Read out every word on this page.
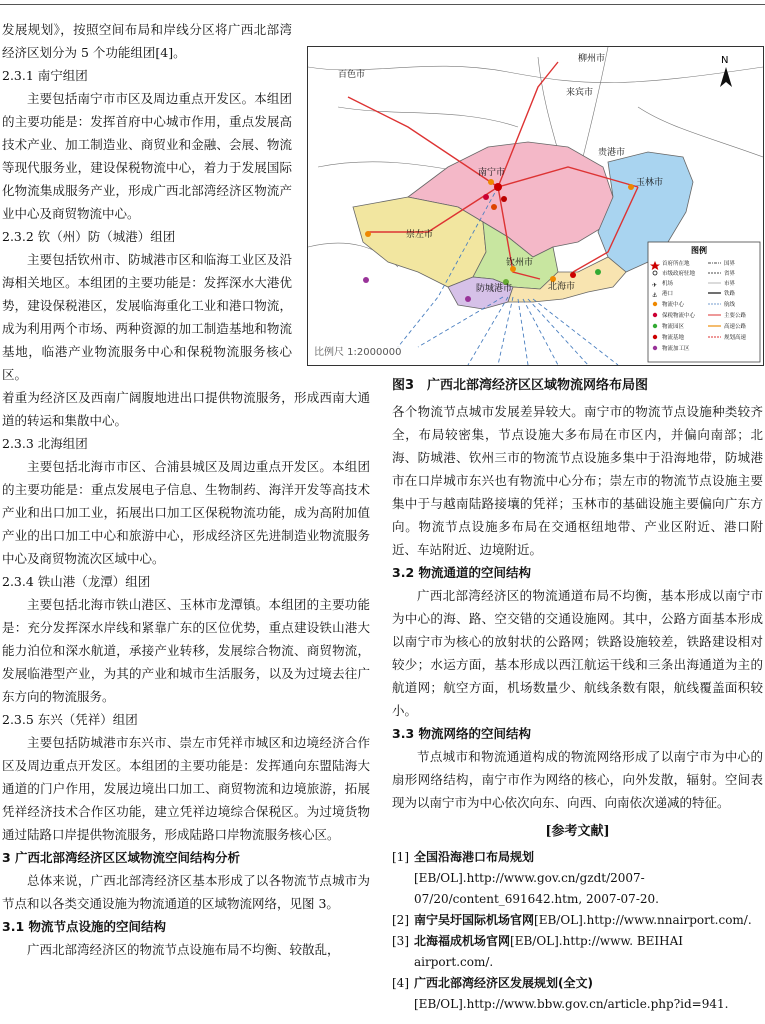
发展规划》，按照空间布局和岸线分区将广西北部湾经济区划分为 5 个功能组团[4]。

2.3.1 南宁组团

主要包括南宁市市区及周边重点开发区。本组团的主要功能是：发挥首府中心城市作用，重点发展高技术产业、加工制造业、商贸业和金融、会展、物流等现代服务业，建设保税物流中心，着力于发展国际化物流集成服务产业，形成广西北部湾经济区物流产业中心及商贸物流中心。

2.3.2 钦（州）防（城港）组团

主要包括钦州市、防城港市区和临海工业区及沿海相关地区。本组团的主要功能是：发挥深水大港优势，建设保税港区，发展临海重化工业和港口物流，成为利用两个市场、两种资源的加工制造基地和物流基地，临港产业物流服务中心和保税物流服务核心区。

着重为经济区及西南广阔腹地进出口提供物流服务，形成西南大通道的转运和集散中心。

2.3.3 北海组团

主要包括北海市市区、合浦县城区及周边重点开发区。本组团的主要功能是：重点发展电子信息、生物制药、海洋开发等高技术产业和出口加工业，拓展出口加工区保税物流功能，成为高附加值产业的出口加工中心和旅游中心，形成经济区先进制造业物流服务中心及商贸物流次区域中心。

2.3.4 铁山港（龙潭）组团

主要包括北海市铁山港区、玉林市龙潭镇。本组团的主要功能是：充分发挥深水岸线和紧靠广东的区位优势，重点建设铁山港大能力泊位和深水航道，承接产业转移，发展综合物流、商贸物流，发展临港型产业，为其的产业和城市生活服务，以及为过境去往广东方向的物流服务。

2.3.5 东兴（凭祥）组团

主要包括防城港市东兴市、崇左市凭祥市城区和边境经济合作区及周边重点开发区。本组团的主要功能是：发挥通向东盟陆海大通道的门户作用，发展边境出口加工、商贸物流和边境旅游，拓展凭祥经济技术合作区功能，建立凭祥边境综合保税区。为过境货物通过陆路口岸提供物流服务，形成陆路口岸物流服务核心区。

3 广西北部湾经济区区域物流空间结构分析

总体来说，广西北部湾经济区基本形成了以各物流节点城市为节点和以各类交通设施为物流通道的区域物流网络，见图 3。

3.1 物流节点设施的空间结构

广西北部湾经济区的物流节点设施布局不均衡、较散乱，

百色市
柳州市
来宾市
贵港市
南宁市
玉林市
崇左市
钦州市
防城港市	北海市
N
图例
首府所在地
市级政府驻地
机场
港口
物流中心
保税物流中心
物流园区
物流基地
物流加工区
国界
省界
市界
铁路
航线
主要公路
高速公路
规划高速
✈
⚓
比例尺 1:2000000
图3　广西北部湾经济区区域物流网络布局图

各个物流节点城市发展差异较大。南宁市的物流节点设施种类较齐全，布局较密集，节点设施大多布局在市区内，并偏向南部；北海、防城港、钦州三市的物流节点设施多集中于沿海地带，防城港市在口岸城市东兴也有物流中心分布；崇左市的物流节点设施主要集中于与越南陆路接壤的凭祥；玉林市的基础设施主要偏向广东方向。物流节点设施多布局在交通枢纽地带、产业区附近、港口附近、车站附近、边境附近。

3.2 物流通道的空间结构

广西北部湾经济区的物流通道布局不均衡，基本形成以南宁市为中心的海、路、空交错的交通设施网。其中，公路方面基本形成以南宁市为核心的放射状的公路网；铁路设施较差，铁路建设相对较少；水运方面，基本形成以西江航运干线和三条出海通道为主的航道网；航空方面，机场数量少、航线条数有限，航线覆盖面积较小。

3.3 物流网络的空间结构

节点城市和物流通道构成的物流网络形成了以南宁市为中心的扇形网络结构，南宁市作为网络的核心，向外发散，辐射。空间表现为以南宁市为中心依次向东、向西、向南依次递减的特征。

[参考文献]
[1] 全国沿海港口布局规划[EB/OL].http://www.gov.cn/gzdt/2007-07/20/content_691642.htm, 2007-07-20.
[2] 南宁吴圩国际机场官网[EB/OL].http://www.nnairport.com/.
[3] 北海福成机场官网[EB/OL].http://www. BEIHAI airport.com/.
[4] 广西北部湾经济区发展规划(全文)[EB/OL].http://www.bbw.gov.cn/article.php?id=941.
